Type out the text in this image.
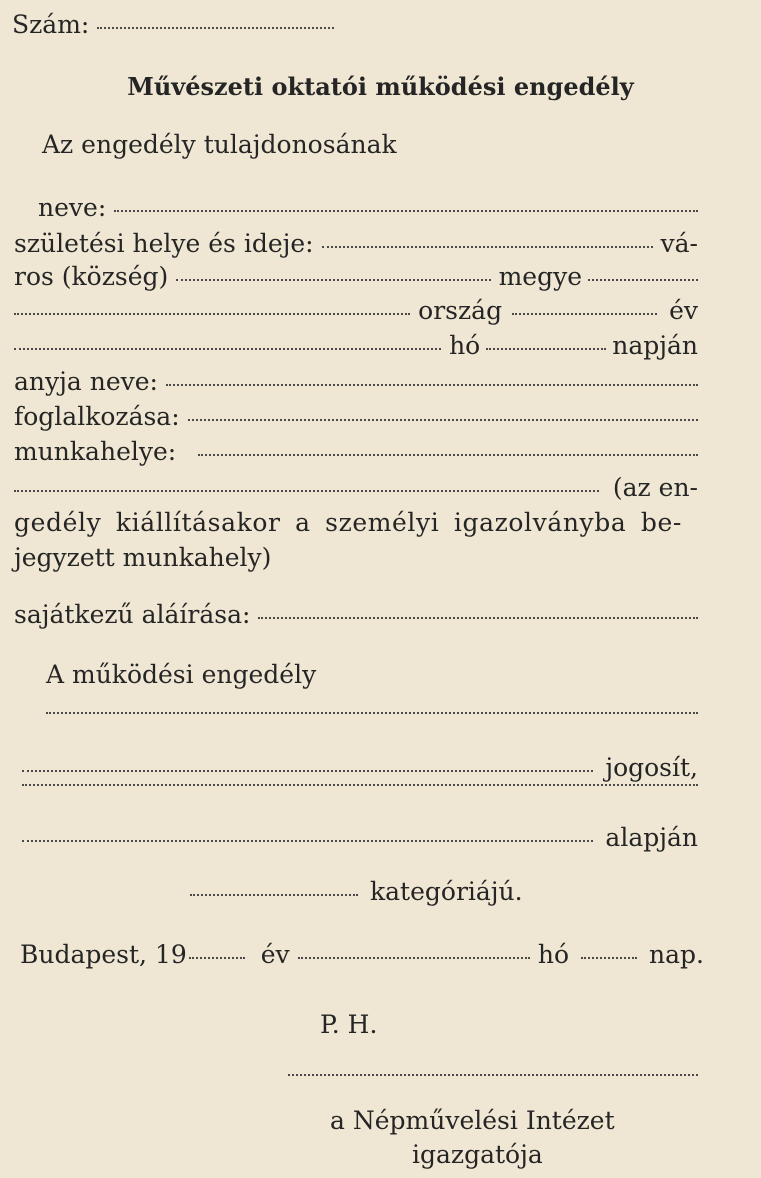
Szám:
Művészeti oktatói működési engedély
Az engedély tulajdonosának
neve:
születési helye és ideje:	vá-
ros (község)	megye
ország	év
hó	napján
anyja neve:
foglalkozása:
munkahelye:
(az en-
gedély kiállításakor a személyi igazolványba be-
jegyzett munkahely)
sajátkezű aláírása:
A működési engedély
jogosít,
alapján
kategóriájú.
Budapest, 19	év	hó	nap.
P. H.
a Népművelési Intézet
igazgatója
